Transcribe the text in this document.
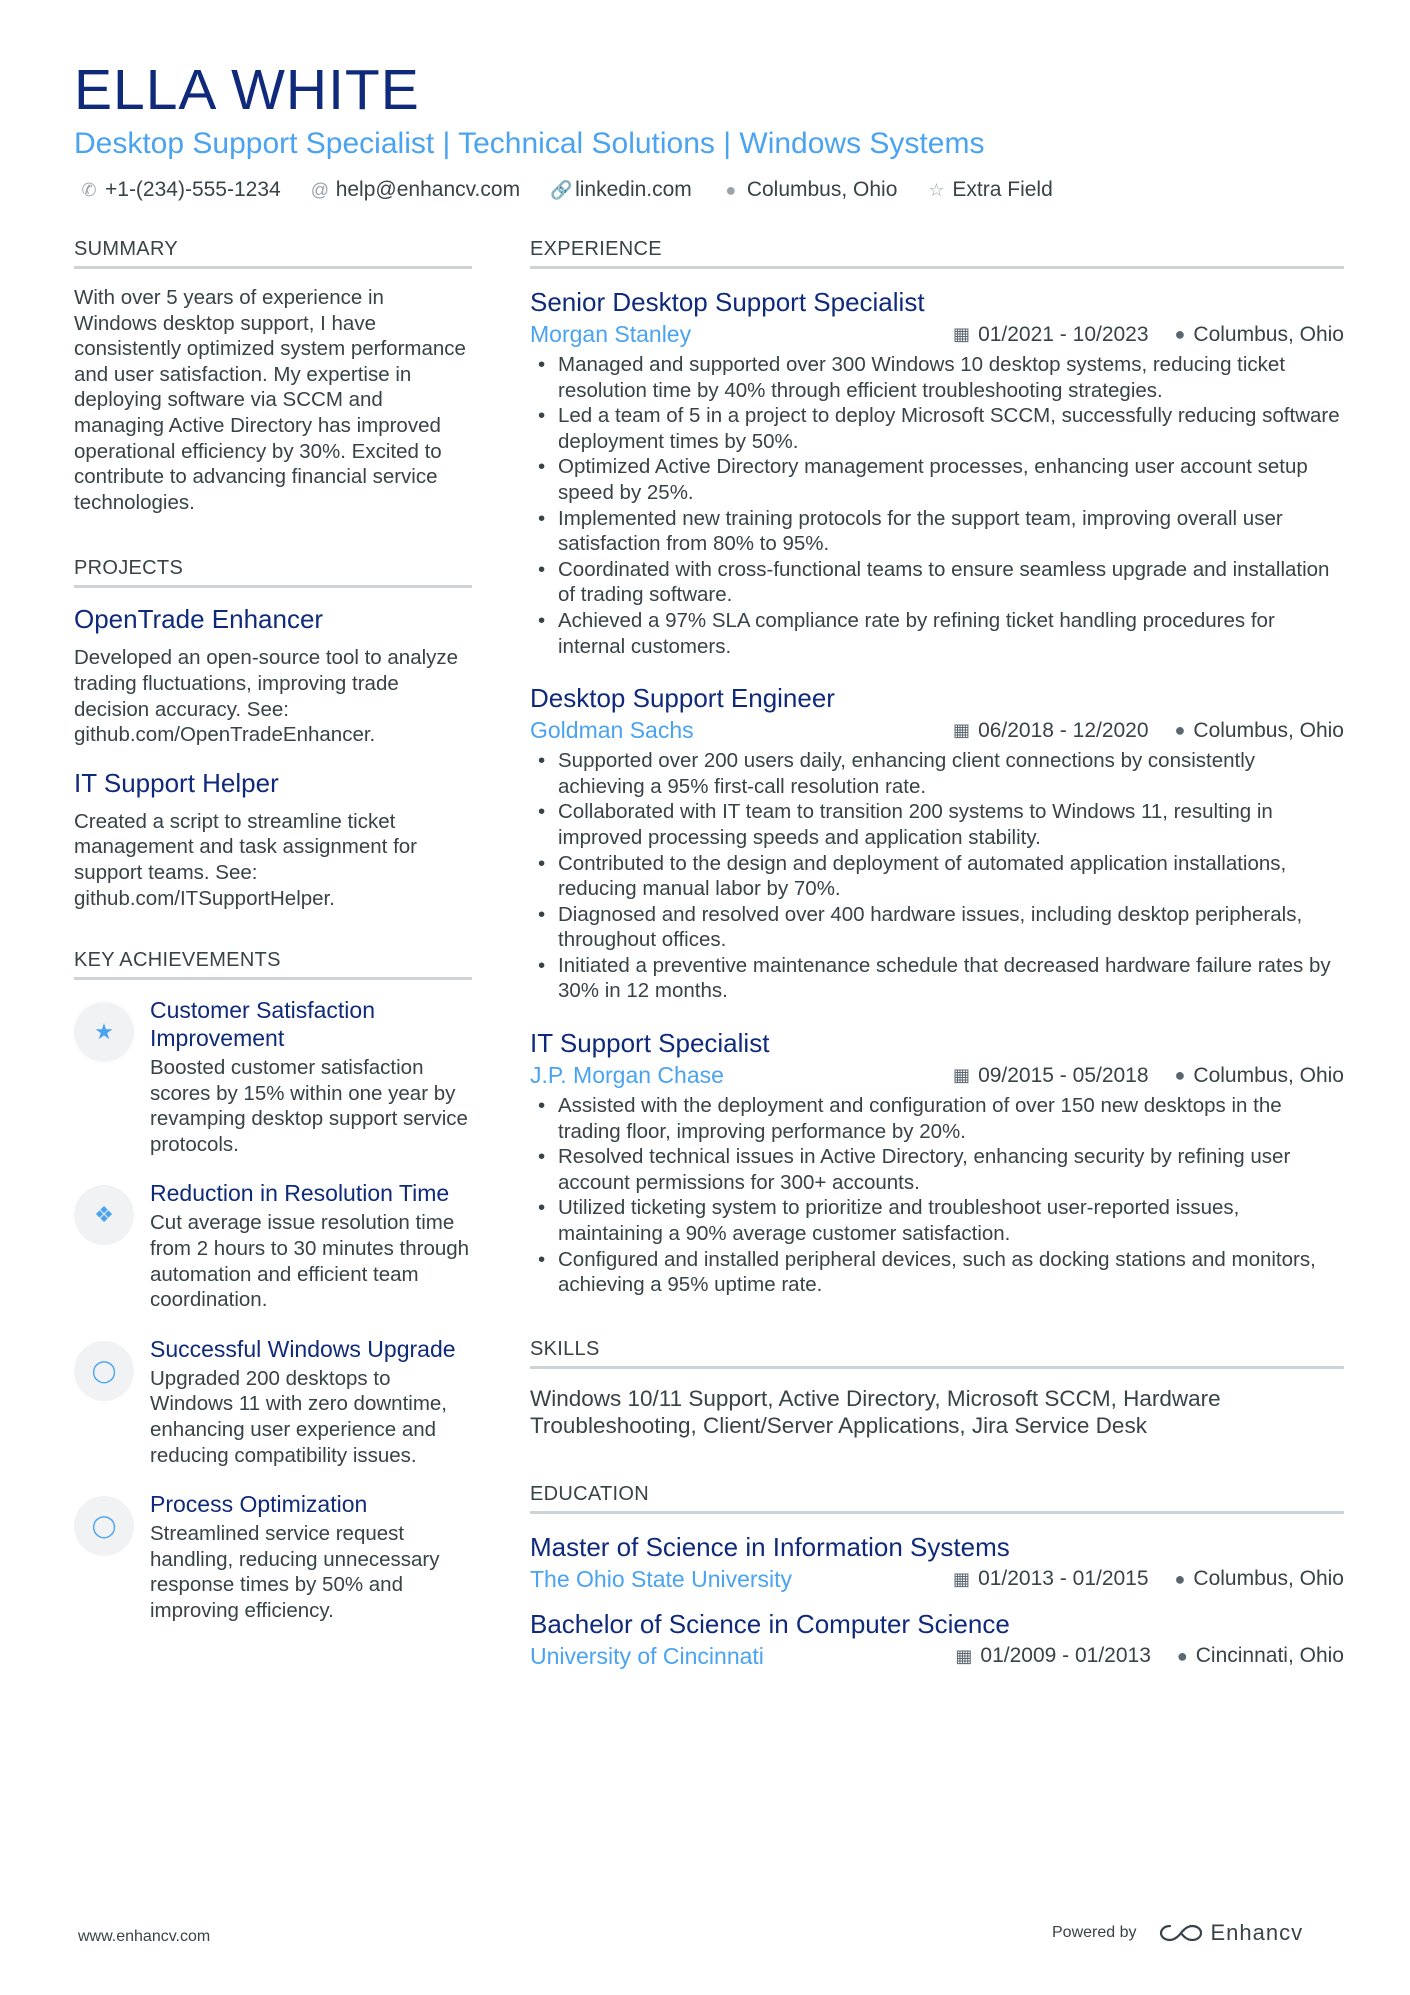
ELLA WHITE
Desktop Support Specialist | Technical Solutions | Windows Systems
✆ +1-(234)-555-1234 @ help@enhancv.com 🔗 linkedin.com ● Columbus, Ohio ☆ Extra Field
SUMMARY
With over 5 years of experience in Windows desktop support, I have consistently optimized system performance and user satisfaction. My expertise in deploying software via SCCM and managing Active Directory has improved operational efficiency by 30%. Excited to contribute to advancing financial service technologies.
PROJECTS
OpenTrade Enhancer
Developed an open-source tool to analyze trading fluctuations, improving trade decision accuracy. See: github.com/OpenTradeEnhancer.
IT Support Helper
Created a script to streamline ticket management and task assignment for support teams. See: github.com/ITSupportHelper.
KEY ACHIEVEMENTS
★
Customer Satisfaction Improvement
Boosted customer satisfaction scores by 15% within one year by revamping desktop support service protocols.
❖
Reduction in Resolution Time
Cut average issue resolution time from 2 hours to 30 minutes through automation and efficient team coordination.
◯
Successful Windows Upgrade
Upgraded 200 desktops to Windows 11 with zero downtime, enhancing user experience and reducing compatibility issues.
◯
Process Optimization
Streamlined service request handling, reducing unnecessary response times by 50% and improving efficiency.
EXPERIENCE
Senior Desktop Support Specialist
Morgan Stanley	▦ 01/2021 - 10/2023 ● Columbus, Ohio
• Managed and supported over 300 Windows 10 desktop systems, reducing ticket resolution time by 40% through efficient troubleshooting strategies.
• Led a team of 5 in a project to deploy Microsoft SCCM, successfully reducing software deployment times by 50%.
• Optimized Active Directory management processes, enhancing user account setup speed by 25%.
• Implemented new training protocols for the support team, improving overall user satisfaction from 80% to 95%.
• Coordinated with cross-functional teams to ensure seamless upgrade and installation of trading software.
• Achieved a 97% SLA compliance rate by refining ticket handling procedures for internal customers.
Desktop Support Engineer
Goldman Sachs	▦ 06/2018 - 12/2020 ● Columbus, Ohio
• Supported over 200 users daily, enhancing client connections by consistently achieving a 95% first-call resolution rate.
• Collaborated with IT team to transition 200 systems to Windows 11, resulting in improved processing speeds and application stability.
• Contributed to the design and deployment of automated application installations, reducing manual labor by 70%.
• Diagnosed and resolved over 400 hardware issues, including desktop peripherals, throughout offices.
• Initiated a preventive maintenance schedule that decreased hardware failure rates by 30% in 12 months.
IT Support Specialist
J.P. Morgan Chase	▦ 09/2015 - 05/2018 ● Columbus, Ohio
• Assisted with the deployment and configuration of over 150 new desktops in the trading floor, improving performance by 20%.
• Resolved technical issues in Active Directory, enhancing security by refining user account permissions for 300+ accounts.
• Utilized ticketing system to prioritize and troubleshoot user-reported issues, maintaining a 90% average customer satisfaction.
• Configured and installed peripheral devices, such as docking stations and monitors, achieving a 95% uptime rate.
SKILLS
Windows 10/11 Support, Active Directory, Microsoft SCCM, Hardware Troubleshooting, Client/Server Applications, Jira Service Desk
EDUCATION
Master of Science in Information Systems
The Ohio State University	▦ 01/2013 - 01/2015 ● Columbus, Ohio
Bachelor of Science in Computer Science
University of Cincinnati	▦ 01/2009 - 01/2013 ● Cincinnati, Ohio
www.enhancv.com	Powered by	Enhancv
